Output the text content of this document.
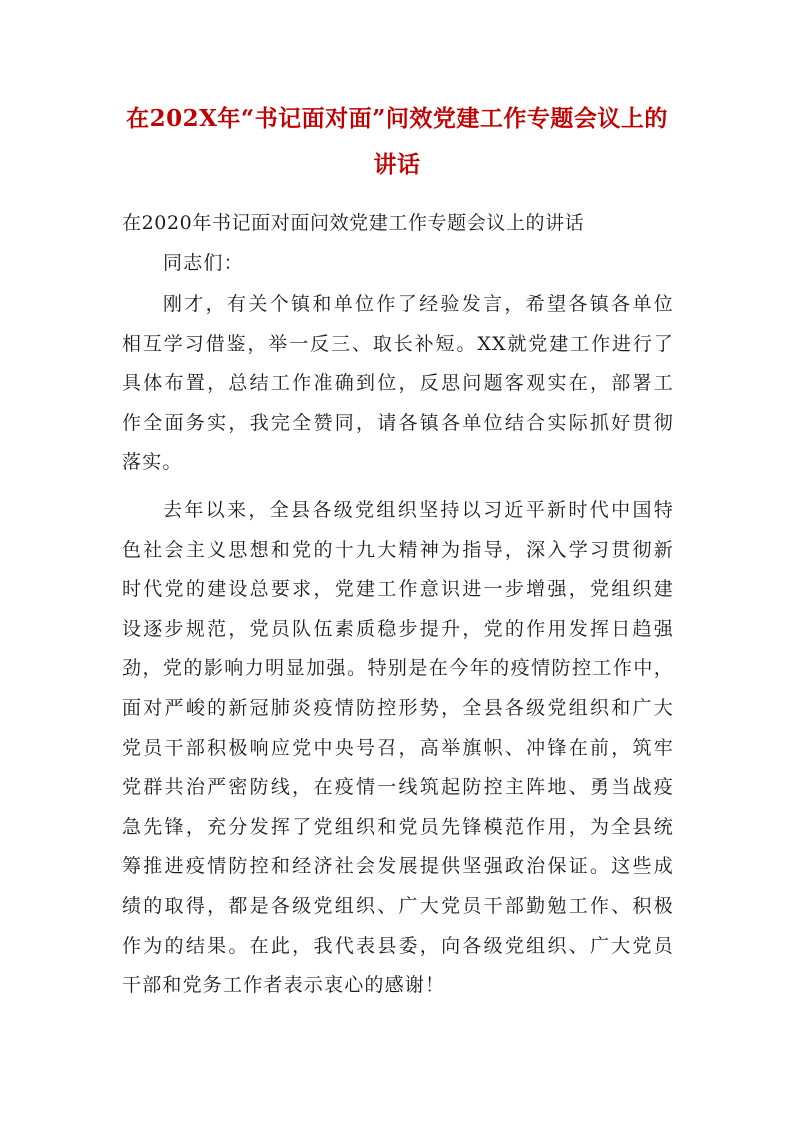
在202X年“书记面对面”问效党建工作专题会议上的
讲话
在2020年书记面对面问效党建工作专题会议上的讲话
同志们：
刚才，有关个镇和单位作了经验发言，希望各镇各单位
相互学习借鉴，举一反三、取长补短。XX就党建工作进行了
具体布置，总结工作准确到位，反思问题客观实在，部署工
作全面务实，我完全赞同，请各镇各单位结合实际抓好贯彻
落实。
去年以来，全县各级党组织坚持以习近平新时代中国特
色社会主义思想和党的十九大精神为指导，深入学习贯彻新
时代党的建设总要求，党建工作意识进一步增强，党组织建
设逐步规范，党员队伍素质稳步提升，党的作用发挥日趋强
劲，党的影响力明显加强。特别是在今年的疫情防控工作中，
面对严峻的新冠肺炎疫情防控形势，全县各级党组织和广大
党员干部积极响应党中央号召，高举旗帜、冲锋在前，筑牢
党群共治严密防线，在疫情一线筑起防控主阵地、勇当战疫
急先锋，充分发挥了党组织和党员先锋模范作用，为全县统
筹推进疫情防控和经济社会发展提供坚强政治保证。这些成
绩的取得，都是各级党组织、广大党员干部勤勉工作、积极
作为的结果。在此，我代表县委，向各级党组织、广大党员
干部和党务工作者表示衷心的感谢！
